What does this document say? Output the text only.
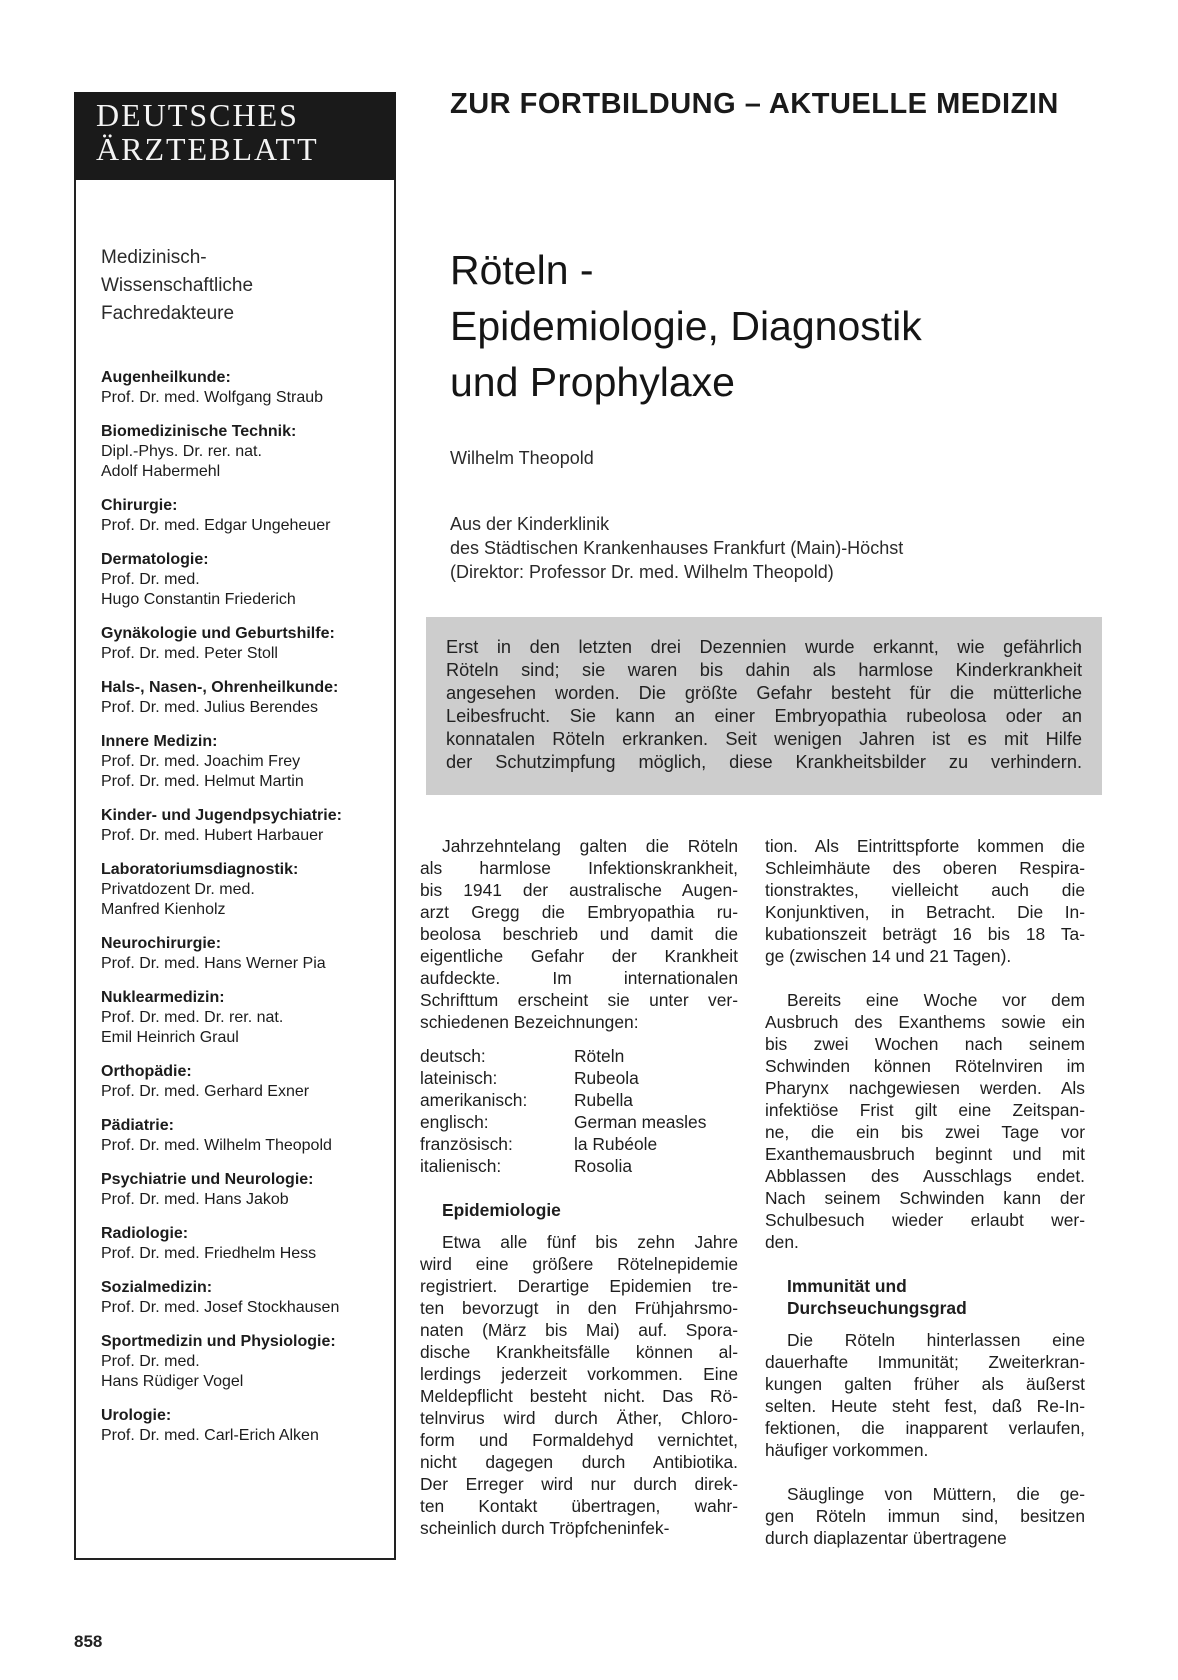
DEUTSCHES
ÄRZTEBLATT
Medizinisch-
Wissenschaftliche
Fachredakteure
Augenheilkunde:
Prof. Dr. med. Wolfgang Straub
Biomedizinische Technik:
Dipl.-Phys. Dr. rer. nat.
Adolf Habermehl
Chirurgie:
Prof. Dr. med. Edgar Ungeheuer
Dermatologie:
Prof. Dr. med.
Hugo Constantin Friederich
Gynäkologie und Geburtshilfe:
Prof. Dr. med. Peter Stoll
Hals-, Nasen-, Ohrenheilkunde:
Prof. Dr. med. Julius Berendes
Innere Medizin:
Prof. Dr. med. Joachim Frey
Prof. Dr. med. Helmut Martin
Kinder- und Jugendpsychiatrie:
Prof. Dr. med. Hubert Harbauer
Laboratoriumsdiagnostik:
Privatdozent Dr. med.
Manfred Kienholz
Neurochirurgie:
Prof. Dr. med. Hans Werner Pia
Nuklearmedizin:
Prof. Dr. med. Dr. rer. nat.
Emil Heinrich Graul
Orthopädie:
Prof. Dr. med. Gerhard Exner
Pädiatrie:
Prof. Dr. med. Wilhelm Theopold
Psychiatrie und Neurologie:
Prof. Dr. med. Hans Jakob
Radiologie:
Prof. Dr. med. Friedhelm Hess
Sozialmedizin:
Prof. Dr. med. Josef Stockhausen
Sportmedizin und Physiologie:
Prof. Dr. med.
Hans Rüdiger Vogel
Urologie:
Prof. Dr. med. Carl-Erich Alken
ZUR FORTBILDUNG – AKTUELLE MEDIZIN
Röteln -
Epidemiologie, Diagnostik
und Prophylaxe
Wilhelm Theopold
Aus der Kinderklinik
des Städtischen Krankenhauses Frankfurt (Main)-Höchst
(Direktor: Professor Dr. med. Wilhelm Theopold)
Erst in den letzten drei Dezennien wurde erkannt, wie gefährlich
Röteln sind; sie waren bis dahin als harmlose Kinderkrankheit
angesehen worden. Die größte Gefahr besteht für die mütterliche
Leibesfrucht. Sie kann an einer Embryopathia rubeolosa oder an
konnatalen Röteln erkranken. Seit wenigen Jahren ist es mit Hilfe
der Schutzimpfung möglich, diese Krankheitsbilder zu verhindern.
Jahrzehntelang galten die Röteln
als harmlose Infektionskrankheit,
bis 1941 der australische Augen-
arzt Gregg die Embryopathia ru-
beolosa beschrieb und damit die
eigentliche Gefahr der Krankheit
aufdeckte. Im internationalen
Schrifttum erscheint sie unter ver-
schiedenen Bezeichnungen:
deutsch:	Röteln
lateinisch:	Rubeola
amerikanisch:	Rubella
englisch:	German measles
französisch:	la Rubéole
italienisch:	Rosolia
Epidemiologie
Etwa alle fünf bis zehn Jahre
wird eine größere Rötelnepidemie
registriert. Derartige Epidemien tre-
ten bevorzugt in den Frühjahrsmo-
naten (März bis Mai) auf. Spora-
dische Krankheitsfälle können al-
lerdings jederzeit vorkommen. Eine
Meldepflicht besteht nicht. Das Rö-
telnvirus wird durch Äther, Chloro-
form und Formaldehyd vernichtet,
nicht dagegen durch Antibiotika.
Der Erreger wird nur durch direk-
ten Kontakt übertragen, wahr-
scheinlich durch Tröpfcheninfek-
tion. Als Eintrittspforte kommen die
Schleimhäute des oberen Respira-
tionstraktes, vielleicht auch die
Konjunktiven, in Betracht. Die In-
kubationszeit beträgt 16 bis 18 Ta-
ge (zwischen 14 und 21 Tagen).
Bereits eine Woche vor dem
Ausbruch des Exanthems sowie ein
bis zwei Wochen nach seinem
Schwinden können Rötelnviren im
Pharynx nachgewiesen werden. Als
infektiöse Frist gilt eine Zeitspan-
ne, die ein bis zwei Tage vor
Exanthemausbruch beginnt und mit
Abblassen des Ausschlags endet.
Nach seinem Schwinden kann der
Schulbesuch wieder erlaubt wer-
den.
Immunität und
Durchseuchungsgrad
Die Röteln hinterlassen eine
dauerhafte Immunität; Zweiterkran-
kungen galten früher als äußerst
selten. Heute steht fest, daß Re-In-
fektionen, die inapparent verlaufen,
häufiger vorkommen.
Säuglinge von Müttern, die ge-
gen Röteln immun sind, besitzen
durch diaplazentar übertragene
858
